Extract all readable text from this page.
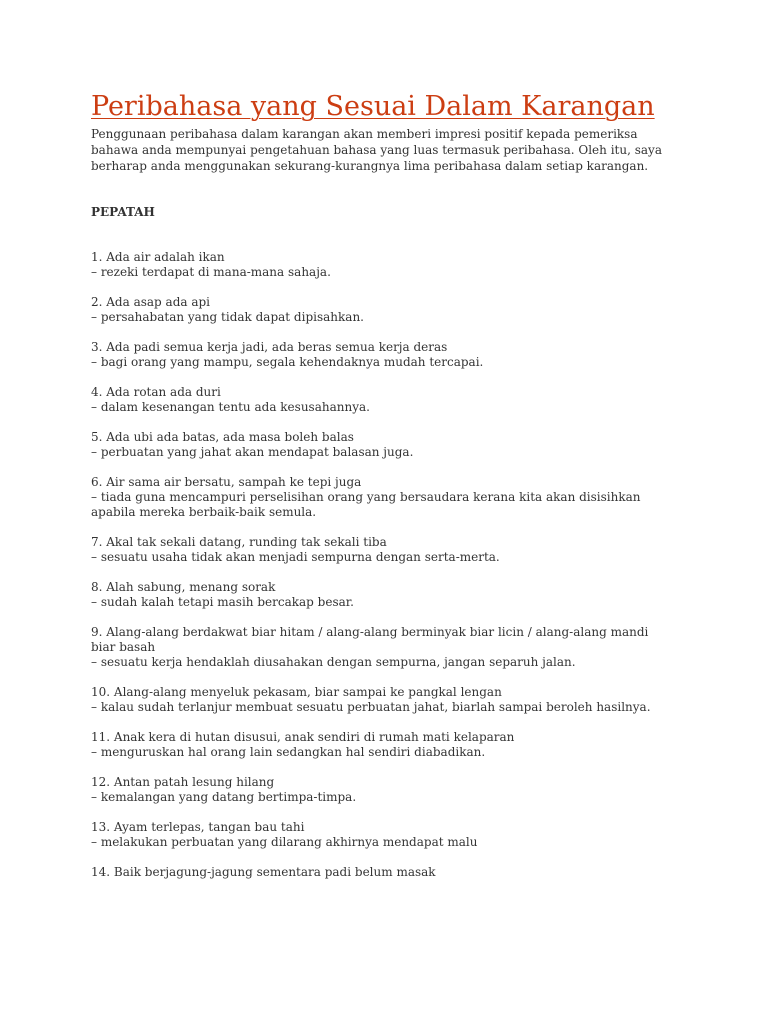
Peribahasa yang Sesuai Dalam Karangan

Penggunaan peribahasa dalam karangan akan memberi impresi positif kepada pemeriksa bahawa anda mempunyai pengetahuan bahasa yang luas termasuk peribahasa. Oleh itu, saya berharap anda menggunakan sekurang-kurangnya lima peribahasa dalam setiap karangan.

PEPATAH

1. Ada air adalah ikan

– rezeki terdapat di mana-mana sahaja.

2. Ada asap ada api

– persahabatan yang tidak dapat dipisahkan.

3. Ada padi semua kerja jadi, ada beras semua kerja deras

– bagi orang yang mampu, segala kehendaknya mudah tercapai.

4. Ada rotan ada duri

– dalam kesenangan tentu ada kesusahannya.

5. Ada ubi ada batas, ada masa boleh balas

– perbuatan yang jahat akan mendapat balasan juga.

6. Air sama air bersatu, sampah ke tepi juga

– tiada guna mencampuri perselisihan orang yang bersaudara kerana kita akan disisihkan apabila mereka berbaik-baik semula.

7. Akal tak sekali datang, runding tak sekali tiba

– sesuatu usaha tidak akan menjadi sempurna dengan serta-merta.

8. Alah sabung, menang sorak

– sudah kalah tetapi masih bercakap besar.

9. Alang-alang berdakwat biar hitam / alang-alang berminyak biar licin / alang-alang mandi biar basah

– sesuatu kerja hendaklah diusahakan dengan sempurna, jangan separuh jalan.

10. Alang-alang menyeluk pekasam, biar sampai ke pangkal lengan

– kalau sudah terlanjur membuat sesuatu perbuatan jahat, biarlah sampai beroleh hasilnya.

11. Anak kera di hutan disusui, anak sendiri di rumah mati kelaparan

– menguruskan hal orang lain sedangkan hal sendiri diabadikan.

12. Antan patah lesung hilang

– kemalangan yang datang bertimpa-timpa.

13. Ayam terlepas, tangan bau tahi

– melakukan perbuatan yang dilarang akhirnya mendapat malu

14. Baik berjagung-jagung sementara padi belum masak
